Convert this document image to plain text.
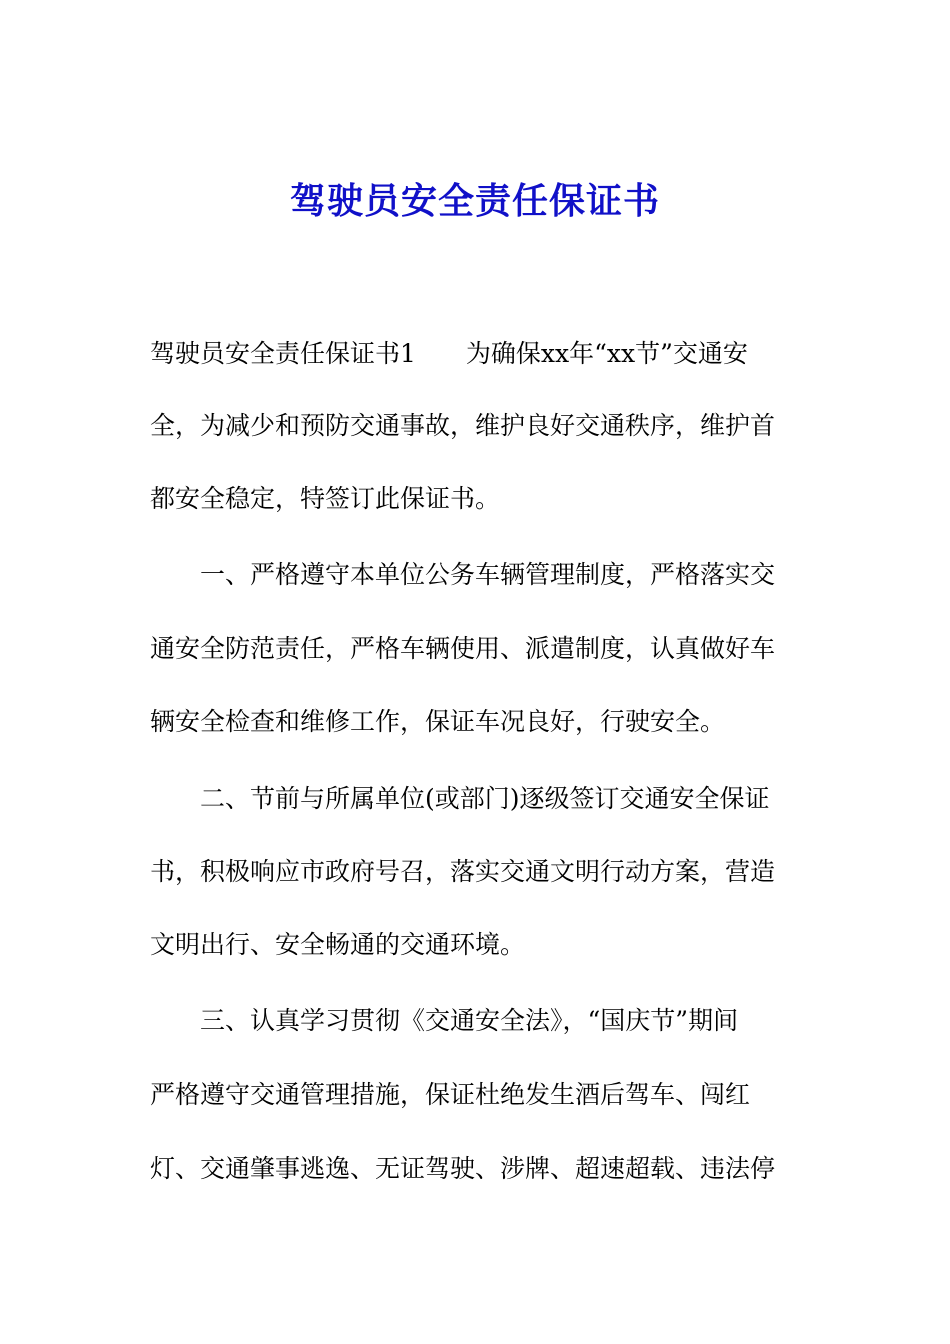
驾驶员安全责任保证书
驾驶员安全责任保证书1　　为确保xx年“xx节”交通安
全，为减少和预防交通事故，维护良好交通秩序，维护首
都安全稳定，特签订此保证书。
　　一、严格遵守本单位公务车辆管理制度，严格落实交
通安全防范责任，严格车辆使用、派遣制度，认真做好车
辆安全检查和维修工作，保证车况良好，行驶安全。
　　二、节前与所属单位(或部门)逐级签订交通安全保证
书，积极响应市政府号召，落实交通文明行动方案，营造
文明出行、安全畅通的交通环境。
　　三、认真学习贯彻《交通安全法》，“国庆节”期间
严格遵守交通管理措施，保证杜绝发生酒后驾车、闯红
灯、交通肇事逃逸、无证驾驶、涉牌、超速超载、违法停
